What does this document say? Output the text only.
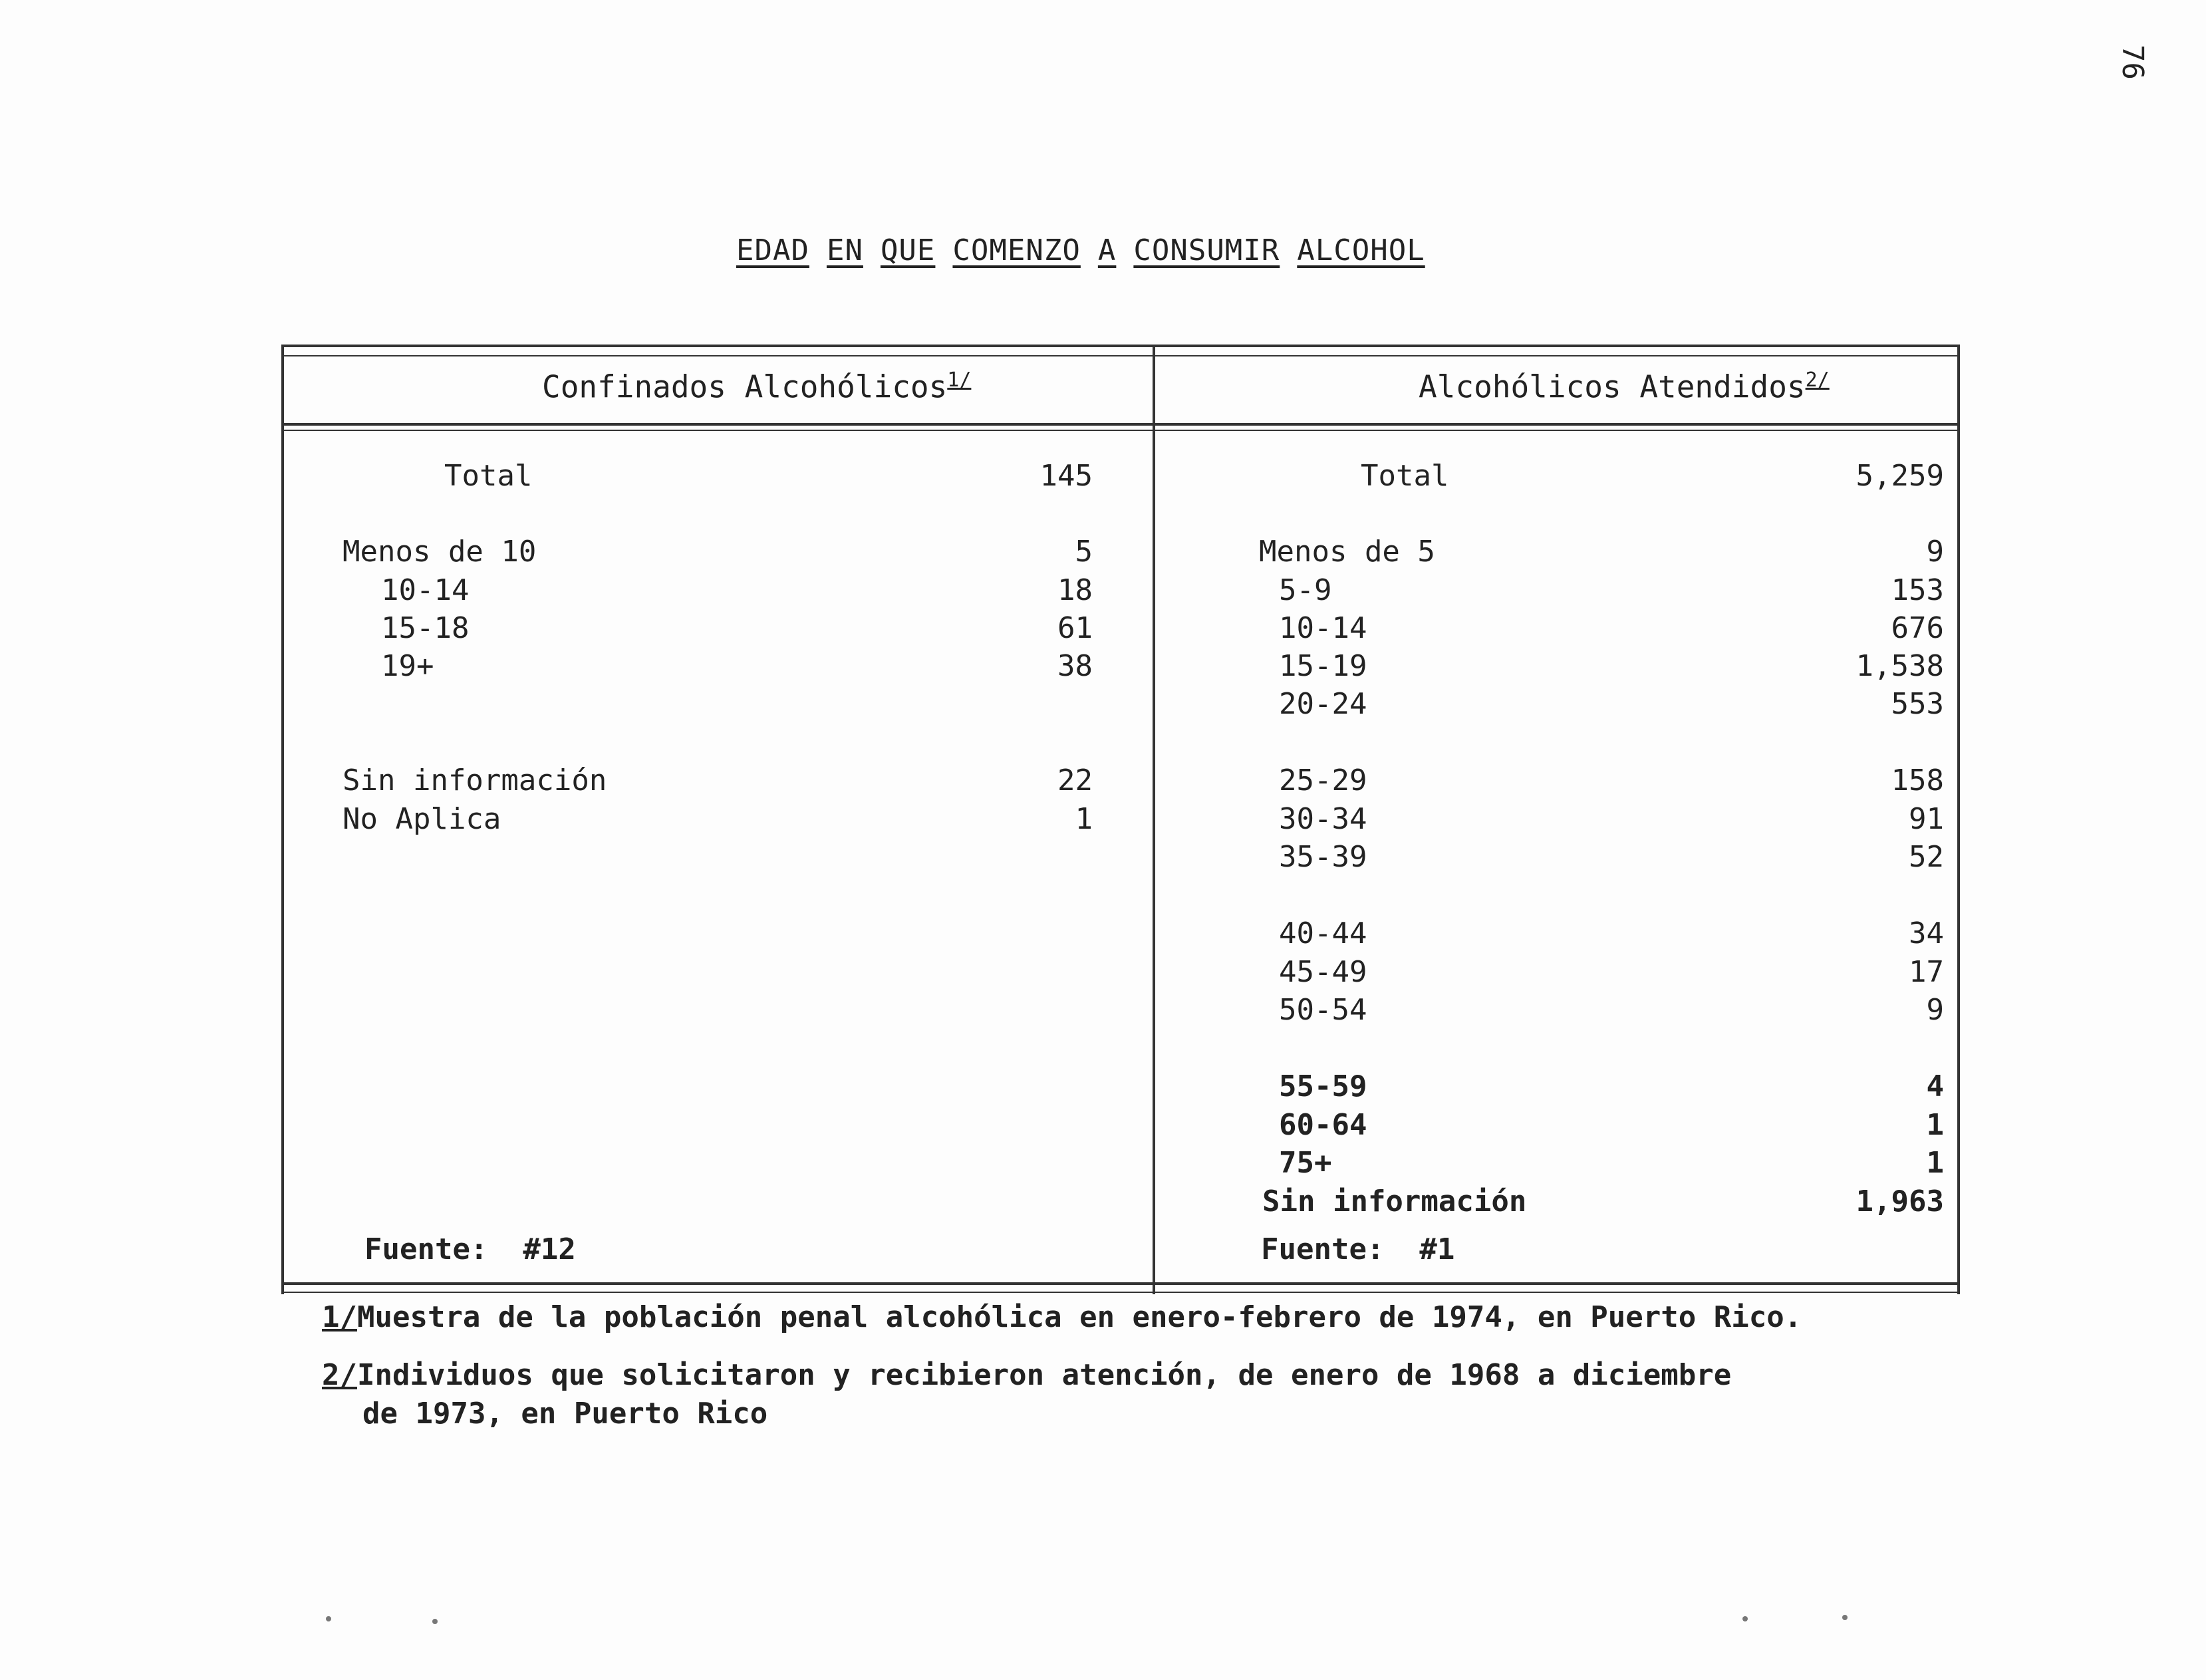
76

EDAD EN QUE COMENZO A CONSUMIR ALCOHOL

Confinados Alcohólicos$^{1/}$	Alcohólicos Atendidos$^{2/}$
Total	145
Menos de 10	5
10-14	18
15-18	61
19+	38
Sin información	22
No Aplica	1
Fuente:  #12
Total	5,259
Menos de 5	9
5-9	153
10-14	676
15-19	1,538
20-24	553
25-29	158
30-34	91
35-39	52
40-44	34
45-49	17
50-54	9
55-59	4
60-64	1
75+	1
Sin información	1,963
Fuente:  #1
1/Muestra de la población penal alcohólica en enero-febrero de 1974, en Puerto Rico.
2/Individuos que solicitaron y recibieron atención, de enero de 1968 a diciembre
de 1973, en Puerto Rico
